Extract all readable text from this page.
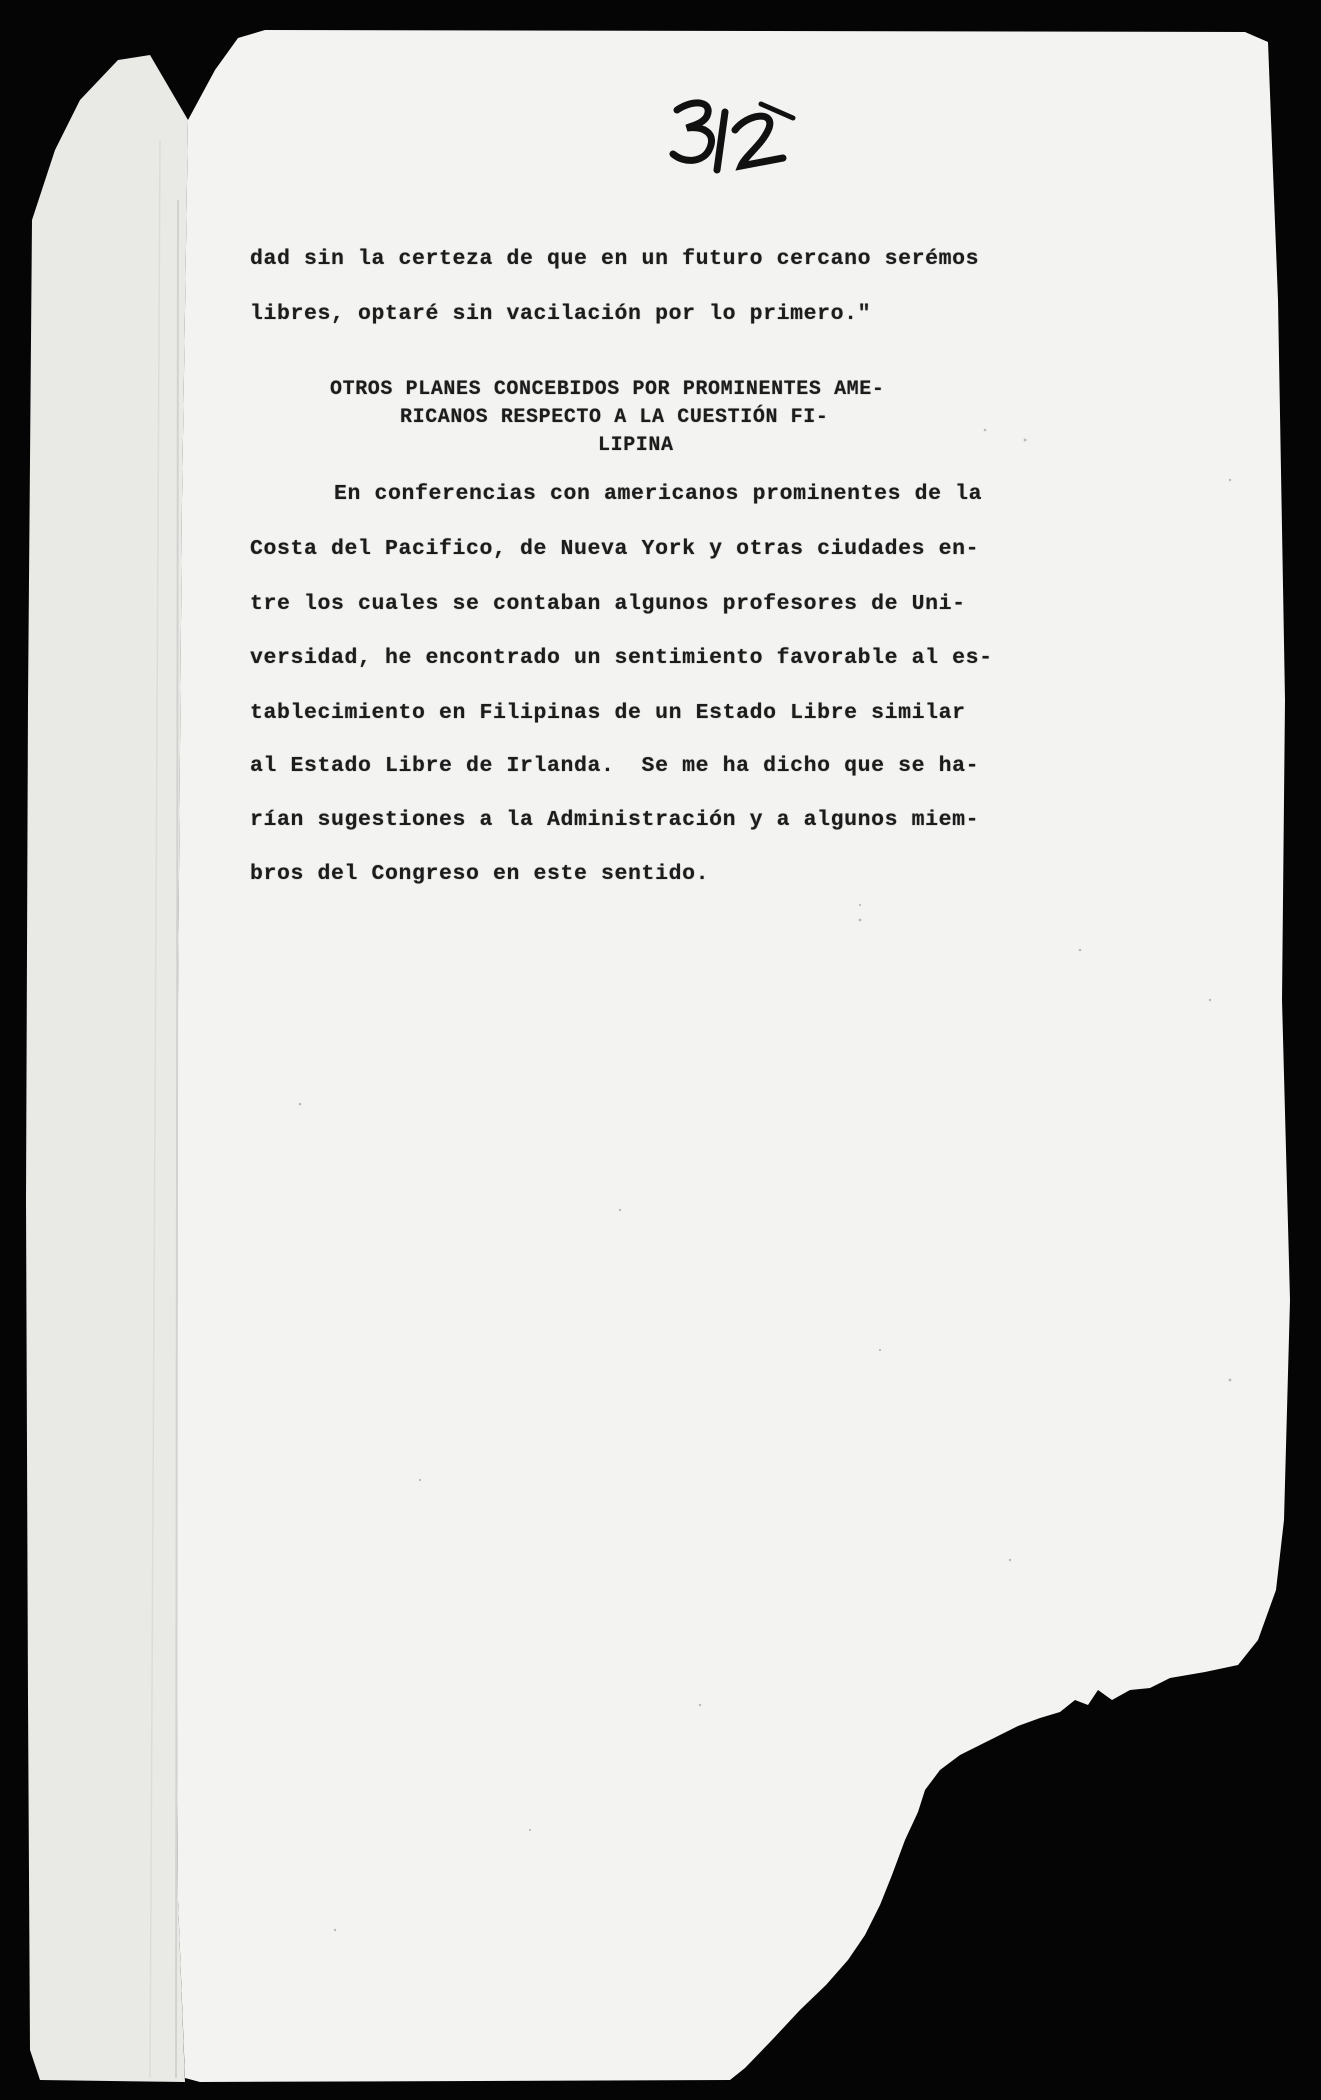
dad sin la certeza de que en un futuro cercano serémos
libres, optaré sin vacilación por lo primero."
OTROS PLANES CONCEBIDOS POR PROMINENTES AME-
RICANOS RESPECTO A LA CUESTIÓN FI-
LIPINA
En conferencias con americanos prominentes de la
Costa del Pacifico, de Nueva York y otras ciudades en-
tre los cuales se contaban algunos profesores de Uni-
versidad, he encontrado un sentimiento favorable al es-
tablecimiento en Filipinas de un Estado Libre similar
al Estado Libre de Irlanda.  Se me ha dicho que se ha-
rían sugestiones a la Administración y a algunos miem-
bros del Congreso en este sentido.
